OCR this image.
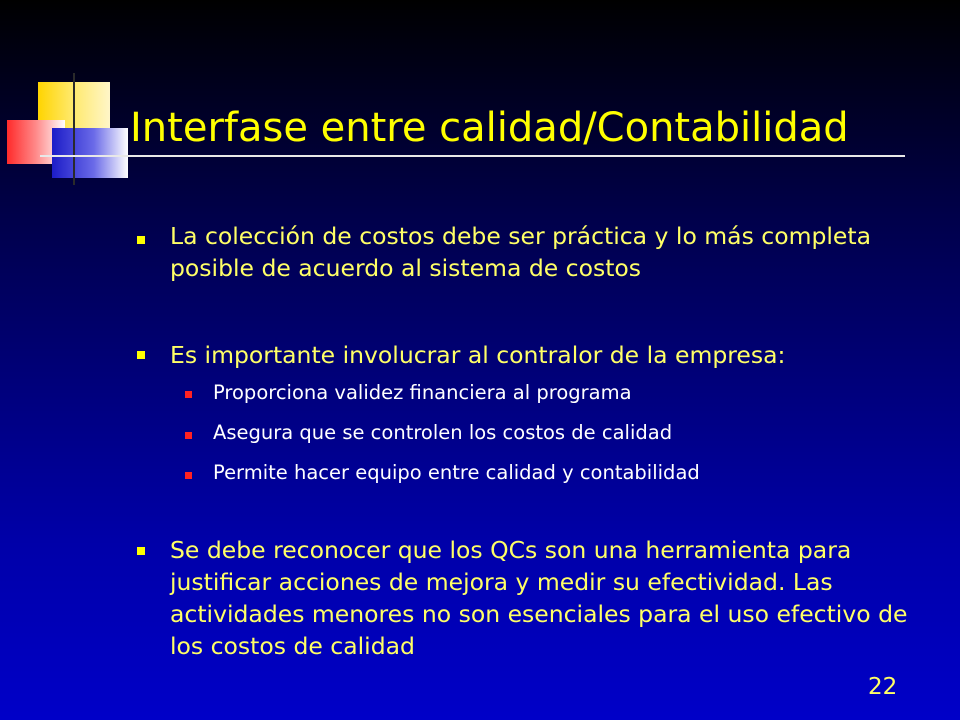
Interfase entre calidad/Contabilidad
La colección de costos debe ser práctica y lo más completa posible de acuerdo al sistema de costos
Es importante involucrar al contralor de la empresa:
Proporciona validez financiera al programa
Asegura que se controlen los costos de calidad
Permite hacer equipo entre calidad y contabilidad
Se debe reconocer que los QCs son una herramienta para justificar acciones de mejora y medir su efectividad. Las actividades menores no son esenciales para el uso efectivo de los costos de calidad
22
